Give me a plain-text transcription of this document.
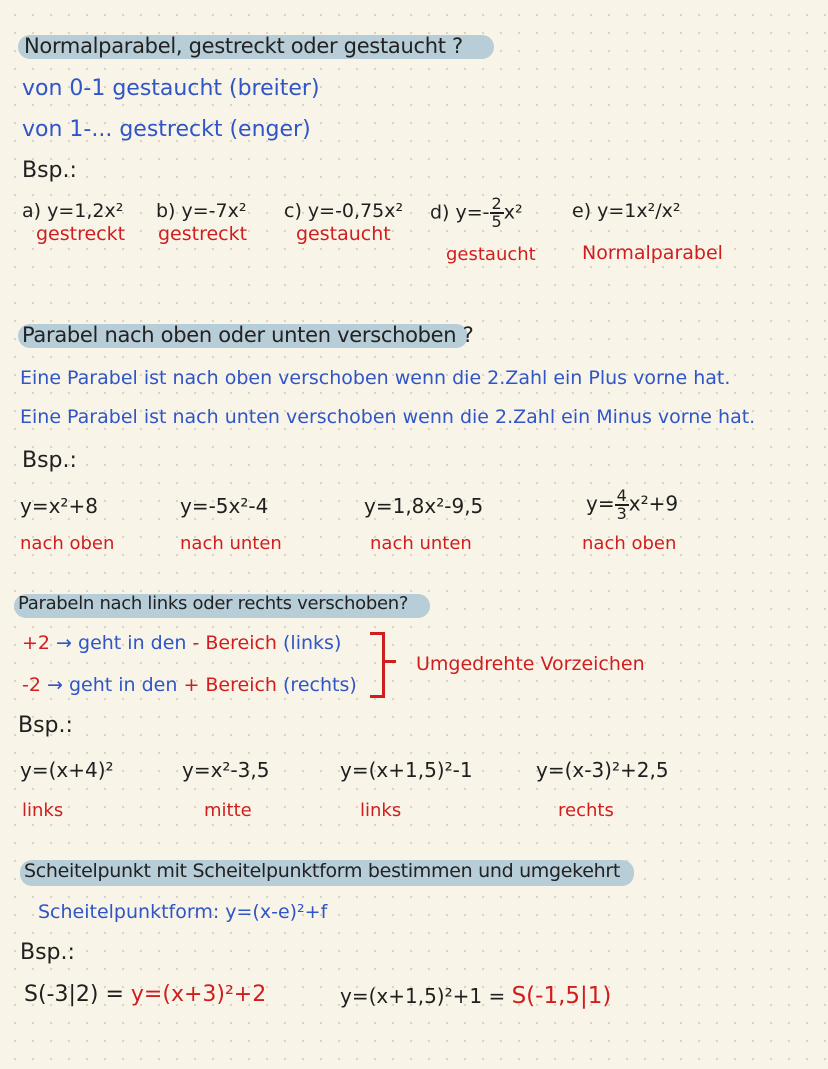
Normalparabel, gestreckt oder gestaucht ?
von 0-1 gestaucht (breiter)
von 1-... gestreckt (enger)
Bsp.:
a) y=1,2x²
gestreckt
b) y=-7x²
gestreckt
c) y=-0,75x²
gestaucht
d) $y=- \frac{2}{5} x^2$
gestaucht
e) y=1x²/x²
Normalparabel
Parabel nach oben oder unten verschoben ?
Eine Parabel ist nach oben verschoben wenn die 2.Zahl ein Plus vorne hat.
Eine Parabel ist nach unten verschoben wenn die 2.Zahl ein Minus vorne hat.
Bsp.:
y=x²+8
nach oben
y=-5x²-4
nach unten
y=1,8x²-9,5
nach unten
$y= \frac{4}{3} x^2+9$
nach oben
Parabeln nach links oder rechts verschoben?
+2 → geht in den - Bereich (links)
-2 → geht in den + Bereich (rechts)
Umgedrehte Vorzeichen
Bsp.:
y=(x+4)²
links
y=x²-3,5
mitte
y=(x+1,5)²-1
links
y=(x-3)²+2,5
rechts
Scheitelpunkt mit Scheitelpunktform bestimmen und umgekehrt
Scheitelpunktform: y=(x-e)²+f
Bsp.:
S(-3|2) = y=(x+3)²+2	y=(x+1,5)²+1 = S(-1,5|1)
